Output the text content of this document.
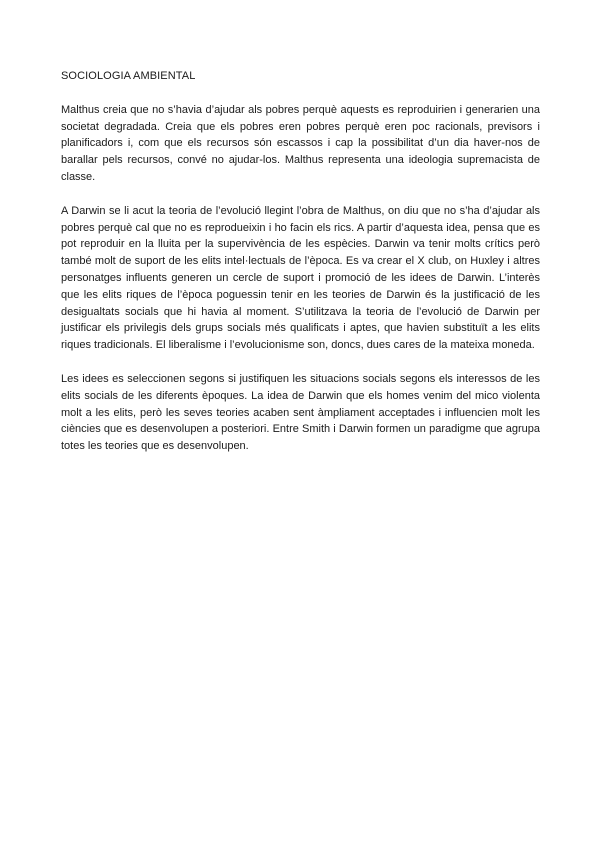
SOCIOLOGIA AMBIENTAL

Malthus creia que no s’havia d’ajudar als pobres perquè aquests es reproduirien i generarien una societat degradada. Creia que els pobres eren pobres perquè eren poc racionals, previsors i planificadors i, com que els recursos són escassos i cap la possibilitat d’un dia haver-nos de barallar pels recursos, convé no ajudar-los. Malthus representa una ideologia supremacista de classe.

A Darwin se li acut la teoria de l’evolució llegint l’obra de Malthus, on diu que no s’ha d’ajudar als pobres perquè cal que no es reprodueixin i ho facin els rics. A partir d’aquesta idea, pensa que es pot reproduir en la lluita per la supervivència de les espècies. Darwin va tenir molts crítics però també molt de suport de les elits intel·lectuals de l’època. Es va crear el X club, on Huxley i altres personatges influents generen un cercle de suport i promoció de les idees de Darwin. L’interès que les elits riques de l’època poguessin tenir en les teories de Darwin és la justificació de les desigualtats socials que hi havia al moment. S’utilitzava la teoria de l’evolució de Darwin per justificar els privilegis dels grups socials més qualificats i aptes, que havien substituït a les elits riques tradicionals. El liberalisme i l’evolucionisme son, doncs, dues cares de la mateixa moneda.

Les idees es seleccionen segons si justifiquen les situacions socials segons els interessos de les elits socials de les diferents èpoques. La idea de Darwin que els homes venim del mico violenta molt a les elits, però les seves teories acaben sent àmpliament acceptades i influencien molt les ciències que es desenvolupen a posteriori. Entre Smith i Darwin formen un paradigme que agrupa totes les teories que es desenvolupen.
